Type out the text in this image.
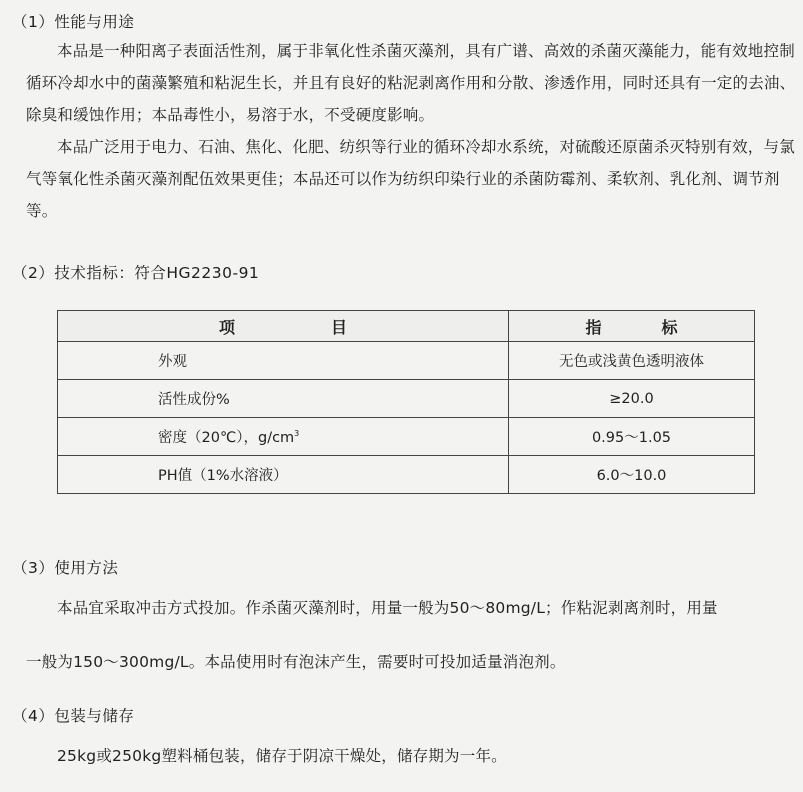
（1）性能与用途

本品是一种阳离子表面活性剂，属于非氧化性杀菌灭藻剂，具有广谱、高效的杀菌灭藻能力，能有效地控制循环冷却水中的菌藻繁殖和粘泥生长，并且有良好的粘泥剥离作用和分散、渗透作用，同时还具有一定的去油、除臭和缓蚀作用；本品毒性小，易溶于水，不受硬度影响。

本品广泛用于电力、石油、焦化、化肥、纺织等行业的循环冷却水系统，对硫酸还原菌杀灭特别有效，与氯气等氧化性杀菌灭藻剂配伍效果更佳；本品还可以作为纺织印染行业的杀菌防霉剂、柔软剂、乳化剂、调节剂等。

（2）技术指标：符合HG2230-91
项目	指标
外观	无色或浅黄色透明液体
活性成份%	≥20.0
密度（20℃），$g/cm^3$	0.95～1.05
PH值（1%水溶液）	6.0～10.0
（3）使用方法
本品宜采取冲击方式投加。作杀菌灭藻剂时，用量一般为50～80mg/L；作粘泥剥离剂时，用量
一般为150～300mg/L。本品使用时有泡沫产生，需要时可投加适量消泡剂。
（4）包装与储存
25kg或250kg塑料桶包装，储存于阴凉干燥处，储存期为一年。
